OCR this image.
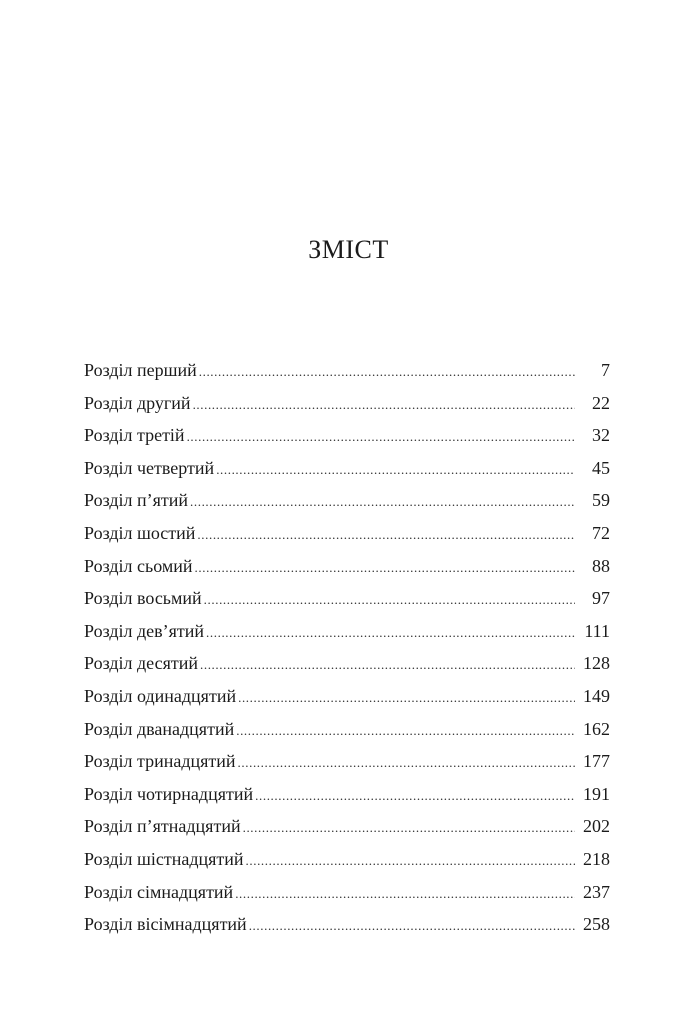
ЗМІСТ
Розділ перший .....	7
Розділ другий .....	22
Розділ третій .....	32
Розділ четвертий .....	45
Розділ п’ятий .....	59
Розділ шостий .....	72
Розділ сьомий .....	88
Розділ восьмий .....	97
Розділ дев’ятий .....	111
Розділ десятий .....	128
Розділ одинадцятий .....	149
Розділ дванадцятий .....	162
Розділ тринадцятий .....	177
Розділ чотирнадцятий .....	191
Розділ п’ятнадцятий .....	202
Розділ шістнадцятий .....	218
Розділ сімнадцятий .....	237
Розділ вісімнадцятий .....	258
